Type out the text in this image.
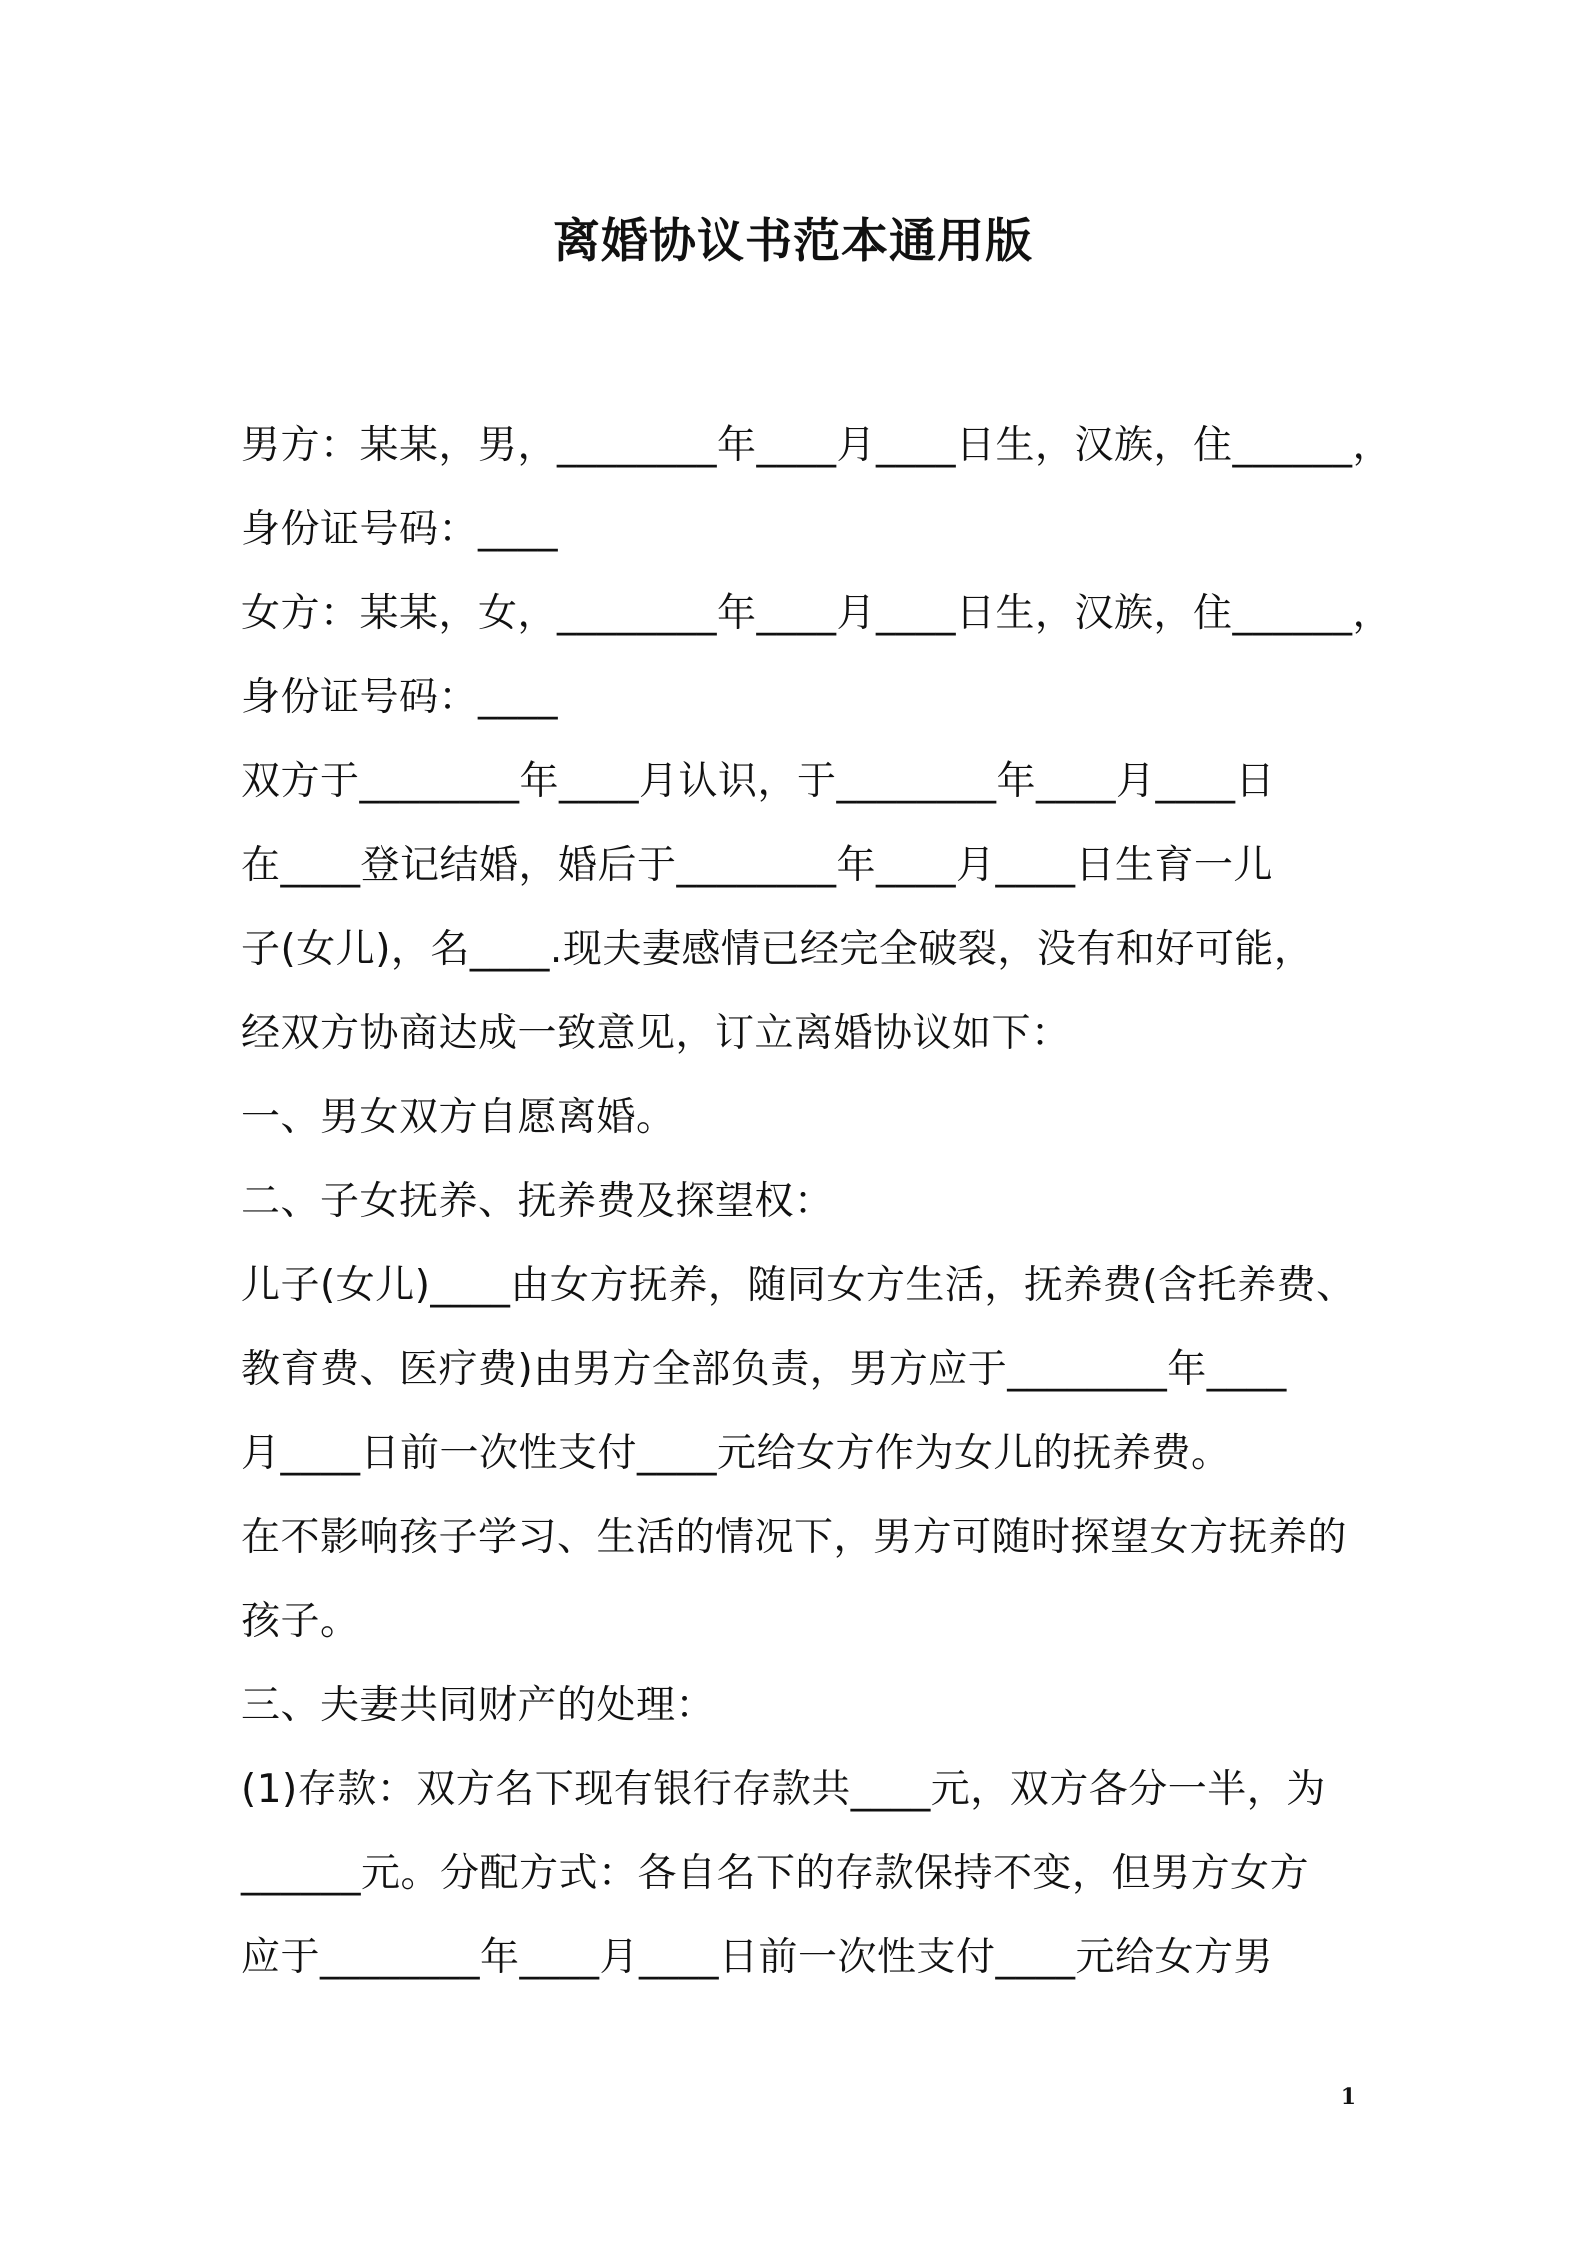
离婚协议书范本通用版
男方：某某，男，________年____月____日生，汉族，住______，
身份证号码：____
女方：某某，女，________年____月____日生，汉族，住______，
身份证号码：____
双方于________年____月认识，于________年____月____日
在____登记结婚，婚后于________年____月____日生育一儿
子(女儿)，名____.现夫妻感情已经完全破裂，没有和好可能，
经双方协商达成一致意见，订立离婚协议如下：
一、男女双方自愿离婚。
二、子女抚养、抚养费及探望权：
儿子(女儿)____由女方抚养，随同女方生活，抚养费(含托养费、
教育费、医疗费)由男方全部负责，男方应于________年____
月____日前一次性支付____元给女方作为女儿的抚养费。
在不影响孩子学习、生活的情况下，男方可随时探望女方抚养的
孩子。
三、夫妻共同财产的处理：
(1)存款：双方名下现有银行存款共____元，双方各分一半，为
______元。分配方式：各自名下的存款保持不变，但男方女方
应于________年____月____日前一次性支付____元给女方男
1
